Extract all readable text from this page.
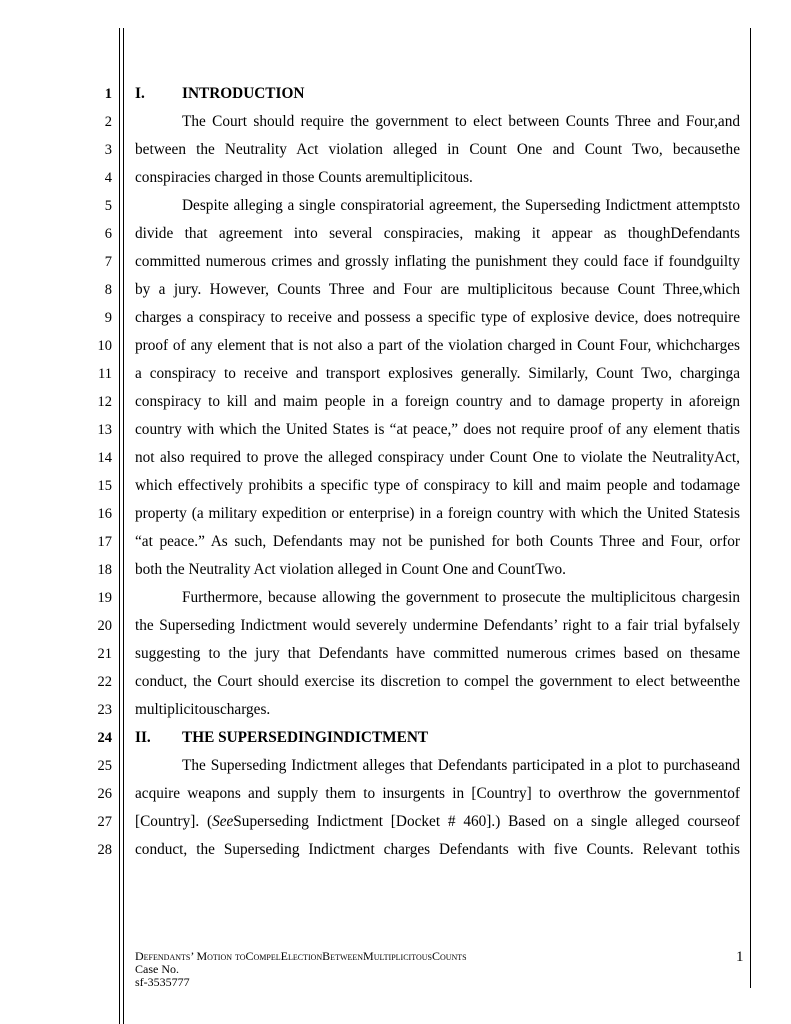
1
2
3
4
5
6
7
8
9
10
11
12
13
14
15
16
17
18
19
20
21
22
23
24
25
26
27
28
I. INTRODUCTION
The Court should require the government to elect between Counts Three and Four,and
between the Neutrality Act violation alleged in Count One and Count Two, becausethe
conspiracies charged in those Counts aremultiplicitous.
Despite alleging a single conspiratorial agreement, the Superseding Indictment attemptsto
divide that agreement into several conspiracies, making it appear as thoughDefendants
committed numerous crimes and grossly inflating the punishment they could face if foundguilty
by a jury. However, Counts Three and Four are multiplicitous because Count Three,which
charges a conspiracy to receive and possess a specific type of explosive device, does notrequire
proof of any element that is not also a part of the violation charged in Count Four, whichcharges
a conspiracy to receive and transport explosives generally. Similarly, Count Two, charginga
conspiracy to kill and maim people in a foreign country and to damage property in aforeign
country with which the United States is “at peace,” does not require proof of any element thatis
not also required to prove the alleged conspiracy under Count One to violate the NeutralityAct,
which effectively prohibits a specific type of conspiracy to kill and maim people and todamage
property (a military expedition or enterprise) in a foreign country with which the United Statesis
“at peace.” As such, Defendants may not be punished for both Counts Three and Four, orfor
both the Neutrality Act violation alleged in Count One and CountTwo.
Furthermore, because allowing the government to prosecute the multiplicitous chargesin
the Superseding Indictment would severely undermine Defendants’ right to a fair trial byfalsely
suggesting to the jury that Defendants have committed numerous crimes based on thesame
conduct, the Court should exercise its discretion to compel the government to elect betweenthe
multiplicitouscharges.
II. THE SUPERSEDINGINDICTMENT
The Superseding Indictment alleges that Defendants participated in a plot to purchaseand
acquire weapons and supply them to insurgents in [Country] to overthrow the governmentof
[Country]. (SeeSuperseding Indictment [Docket # 460].) Based on a single alleged courseof
conduct, the Superseding Indictment charges Defendants with five Counts. Relevant tothis
Defendants’ Motion toCompelElectionBetweenMultiplicitousCounts
Case No.
sf-3535777
1
